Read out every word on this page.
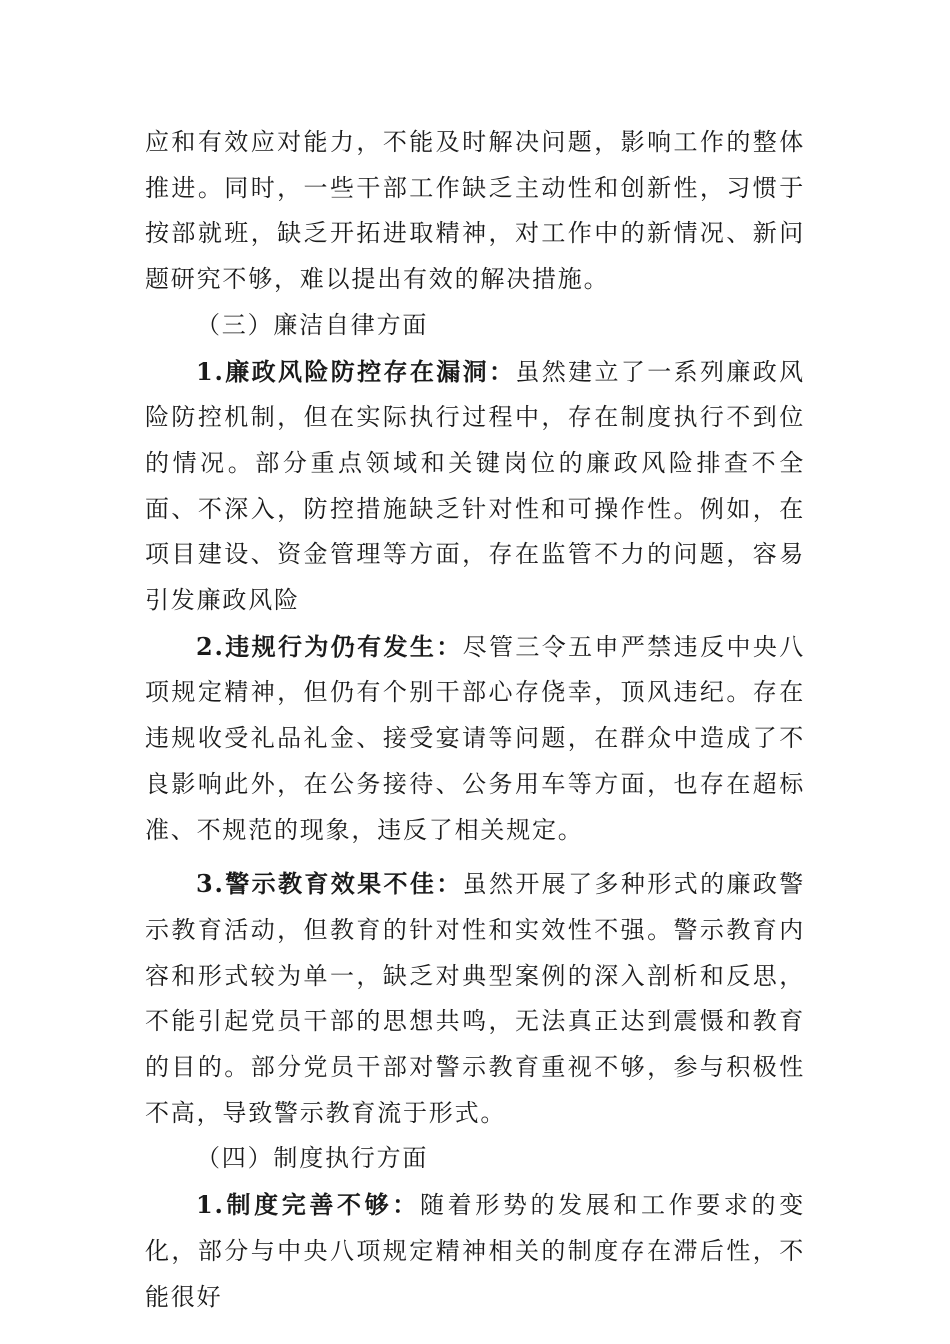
应和有效应对能力，不能及时解决问题，影响工作的整体推进。同时，一些干部工作缺乏主动性和创新性，习惯于按部就班，缺乏开拓进取精神，对工作中的新情况、新问题研究不够，难以提出有效的解决措施。

（三）廉洁自律方面

1.廉政风险防控存在漏洞：虽然建立了一系列廉政风险防控机制，但在实际执行过程中，存在制度执行不到位的情况。部分重点领域和关键岗位的廉政风险排查不全面、不深入，防控措施缺乏针对性和可操作性。例如，在项目建设、资金管理等方面，存在监管不力的问题，容易引发廉政风险

2.违规行为仍有发生：尽管三令五申严禁违反中央八项规定精神，但仍有个别干部心存侥幸，顶风违纪。存在违规收受礼品礼金、接受宴请等问题，在群众中造成了不良影响此外，在公务接待、公务用车等方面，也存在超标准、不规范的现象，违反了相关规定。

3.警示教育效果不佳：虽然开展了多种形式的廉政警示教育活动，但教育的针对性和实效性不强。警示教育内容和形式较为单一，缺乏对典型案例的深入剖析和反思，不能引起党员干部的思想共鸣，无法真正达到震慑和教育的目的。部分党员干部对警示教育重视不够，参与积极性不高，导致警示教育流于形式。

（四）制度执行方面

1.制度完善不够：随着形势的发展和工作要求的变化，部分与中央八项规定精神相关的制度存在滞后性，不能很好
